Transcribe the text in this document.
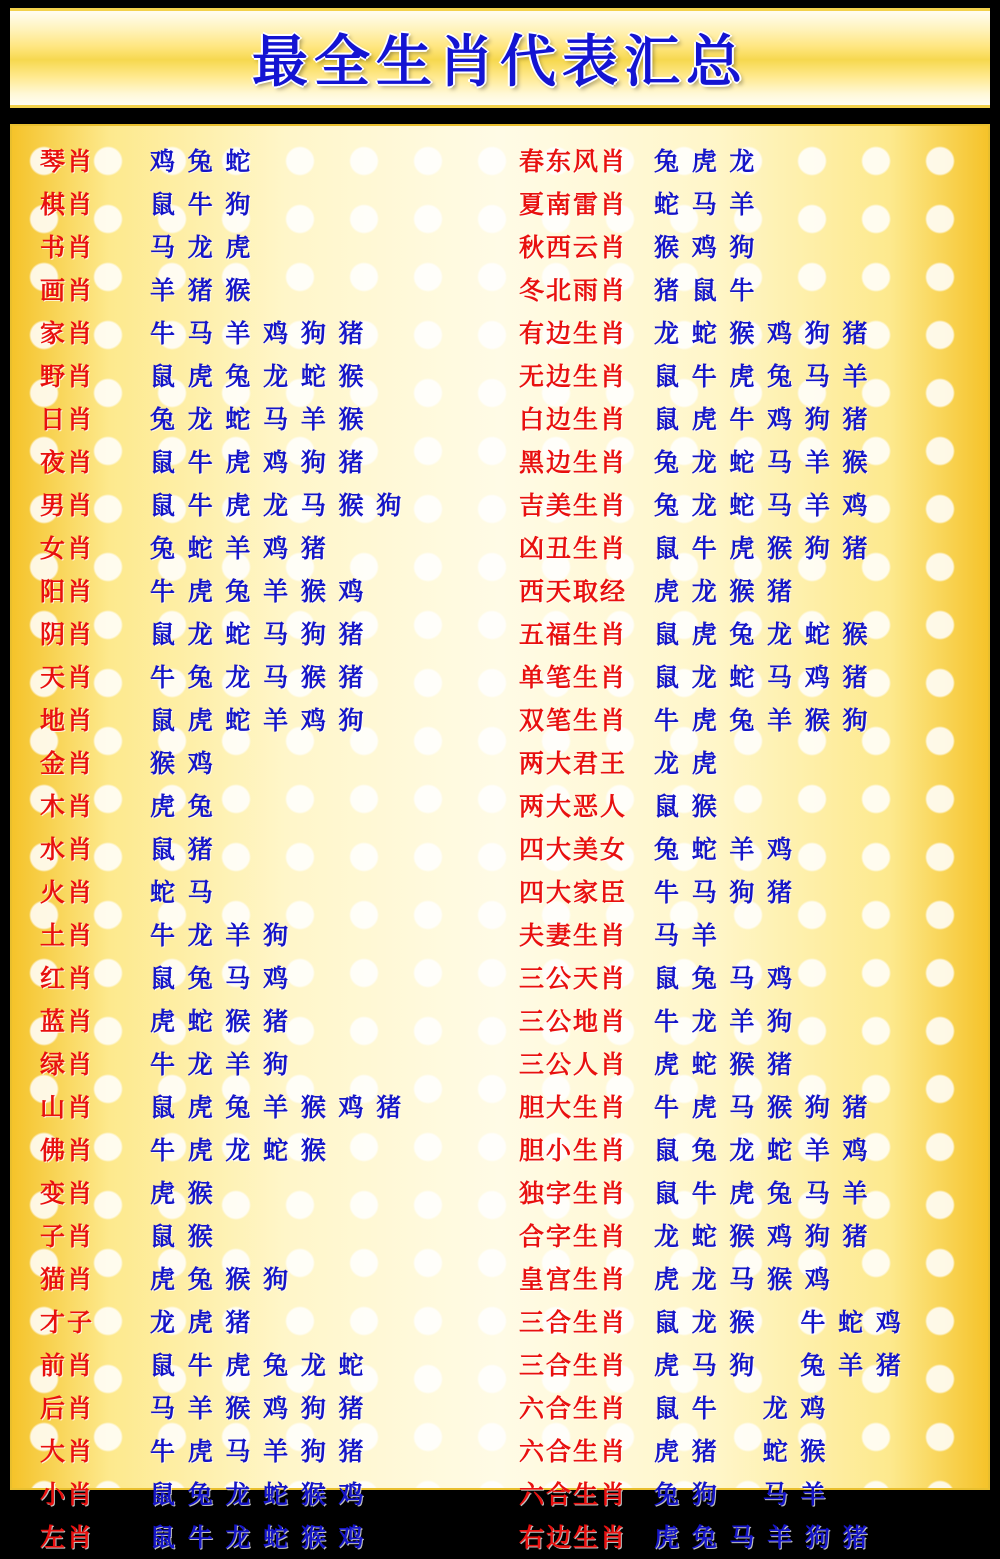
最全生肖代表汇总
琴肖	鸡 兔 蛇
棋肖	鼠 牛 狗
书肖	马 龙 虎
画肖	羊 猪 猴
家肖	牛 马 羊 鸡 狗 猪
野肖	鼠 虎 兔 龙 蛇 猴
日肖	兔 龙 蛇 马 羊 猴
夜肖	鼠 牛 虎 鸡 狗 猪
男肖	鼠 牛 虎 龙 马 猴 狗
女肖	兔 蛇 羊 鸡 猪
阳肖	牛 虎 兔 羊 猴 鸡
阴肖	鼠 龙 蛇 马 狗 猪
天肖	牛 兔 龙 马 猴 猪
地肖	鼠 虎 蛇 羊 鸡 狗
金肖	猴 鸡
木肖	虎 兔
水肖	鼠 猪
火肖	蛇 马
土肖	牛 龙 羊 狗
红肖	鼠 兔 马 鸡
蓝肖	虎 蛇 猴 猪
绿肖	牛 龙 羊 狗
山肖	鼠 虎 兔 羊 猴 鸡 猪
佛肖	牛 虎 龙 蛇 猴
变肖	虎 猴
子肖	鼠 猴
猫肖	虎 兔 猴 狗
才子	龙 虎 猪
前肖	鼠 牛 虎 兔 龙 蛇
后肖	马 羊 猴 鸡 狗 猪
大肖	牛 虎 马 羊 狗 猪
小肖	鼠 兔 龙 蛇 猴 鸡
左肖	鼠 牛 龙 蛇 猴 鸡
春东风肖	兔 虎 龙
夏南雷肖	蛇 马 羊
秋西云肖	猴 鸡 狗
冬北雨肖	猪 鼠 牛
有边生肖	龙 蛇 猴 鸡 狗 猪
无边生肖	鼠 牛 虎 兔 马 羊
白边生肖	鼠 虎 牛 鸡 狗 猪
黑边生肖	兔 龙 蛇 马 羊 猴
吉美生肖	兔 龙 蛇 马 羊 鸡
凶丑生肖	鼠 牛 虎 猴 狗 猪
西天取经	虎 龙 猴 猪
五福生肖	鼠 虎 兔 龙 蛇 猴
单笔生肖	鼠 龙 蛇 马 鸡 猪
双笔生肖	牛 虎 兔 羊 猴 狗
两大君王	龙 虎
两大恶人	鼠 猴
四大美女	兔 蛇 羊 鸡
四大家臣	牛 马 狗 猪
夫妻生肖	马 羊
三公天肖	鼠 兔 马 鸡
三公地肖	牛 龙 羊 狗
三公人肖	虎 蛇 猴 猪
胆大生肖	牛 虎 马 猴 狗 猪
胆小生肖	鼠 兔 龙 蛇 羊 鸡
独字生肖	鼠 牛 虎 兔 马 羊
合字生肖	龙 蛇 猴 鸡 狗 猪
皇宫生肖	虎 龙 马 猴 鸡
三合生肖	鼠 龙 猴 牛 蛇 鸡
三合生肖	虎 马 狗 兔 羊 猪
六合生肖	鼠 牛 龙 鸡
六合生肖	虎 猪 蛇 猴
六合生肖	兔 狗 马 羊
右边生肖	虎 兔 马 羊 狗 猪
